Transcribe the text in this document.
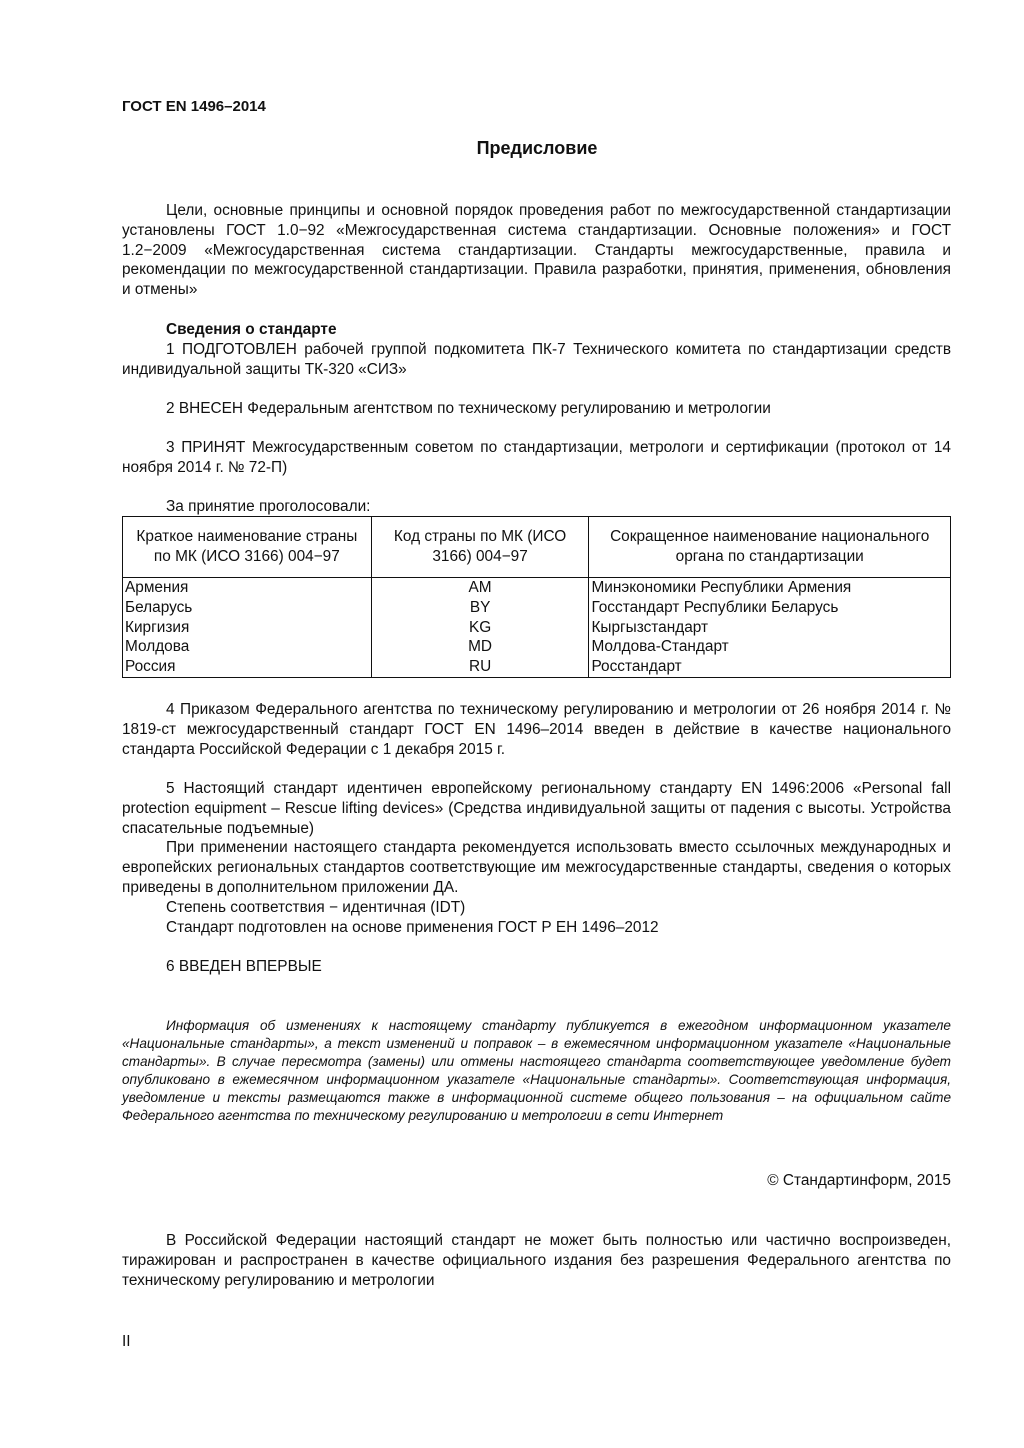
ГОСТ EN 1496–2014
Предисловие

Цели, основные принципы и основной порядок проведения работ по межгосударственной стандартизации установлены ГОСТ 1.0−92 «Межгосударственная система стандартизации. Основные положения» и ГОСТ 1.2−2009 «Межгосударственная система стандартизации. Стандарты межгосударственные, правила и рекомендации по межгосударственной стандартизации. Правила разработки, принятия, применения, обновления и отмены»

Сведения о стандарте

1 ПОДГОТОВЛЕН рабочей группой подкомитета ПК-7 Технического комитета по стандартизации средств индивидуальной защиты ТК-320 «СИЗ»

2 ВНЕСЕН Федеральным агентством по техническому регулированию и метрологии

3 ПРИНЯТ Межгосударственным советом по стандартизации, метрологи и сертификации (протокол от 14 ноября 2014 г. № 72-П)

За принятие проголосовали:
Краткое наименование страны по МК (ИСО 3166) 004−97	Код страны по МК (ИСО 3166) 004−97	Сокращенное наименование национального органа по стандартизации
Армения	AM	Минэкономики Республики Армения
Беларусь	BY	Госстандарт Республики Беларусь
Киргизия	KG	Кыргызстандарт
Молдова	MD	Молдова-Стандарт
Россия	RU	Росстандарт

4 Приказом Федерального агентства по техническому регулированию и метрологии от 26 ноября 2014 г. № 1819-ст межгосударственный стандарт ГОСТ EN 1496–2014 введен в действие в качестве национального стандарта Российской Федерации с 1 декабря 2015 г.

5 Настоящий стандарт идентичен европейскому региональному стандарту EN 1496:2006 «Personal fall protection equipment – Rescue lifting devices» (Средства индивидуальной защиты от падения с высоты. Устройства спасательные подъемные)

При применении настоящего стандарта рекомендуется использовать вместо ссылочных международных и европейских региональных стандартов соответствующие им межгосударственные стандарты, сведения о которых приведены в дополнительном приложении ДА.

Степень соответствия − идентичная (IDT)

Стандарт подготовлен на основе применения ГОСТ Р ЕН 1496–2012

6 ВВЕДЕН ВПЕРВЫЕ

Информация об изменениях к настоящему стандарту публикуется в ежегодном информационном указателе «Национальные стандарты», а текст изменений и поправок – в ежемесячном информационном указателе «Национальные стандарты». В случае пересмотра (замены) или отмены настоящего стандарта соответствующее уведомление будет опубликовано в ежемесячном информационном указателе «Национальные стандарты». Соответствующая информация, уведомление и тексты размещаются также в информационной системе общего пользования – на официальном сайте Федерального агентства по техническому регулированию и метрологии в сети Интернет

© Стандартинформ, 2015

В Российской Федерации настоящий стандарт не может быть полностью или частично воспроизведен, тиражирован и распространен в качестве официального издания без разрешения Федерального агентства по техническому регулированию и метрологии

II
